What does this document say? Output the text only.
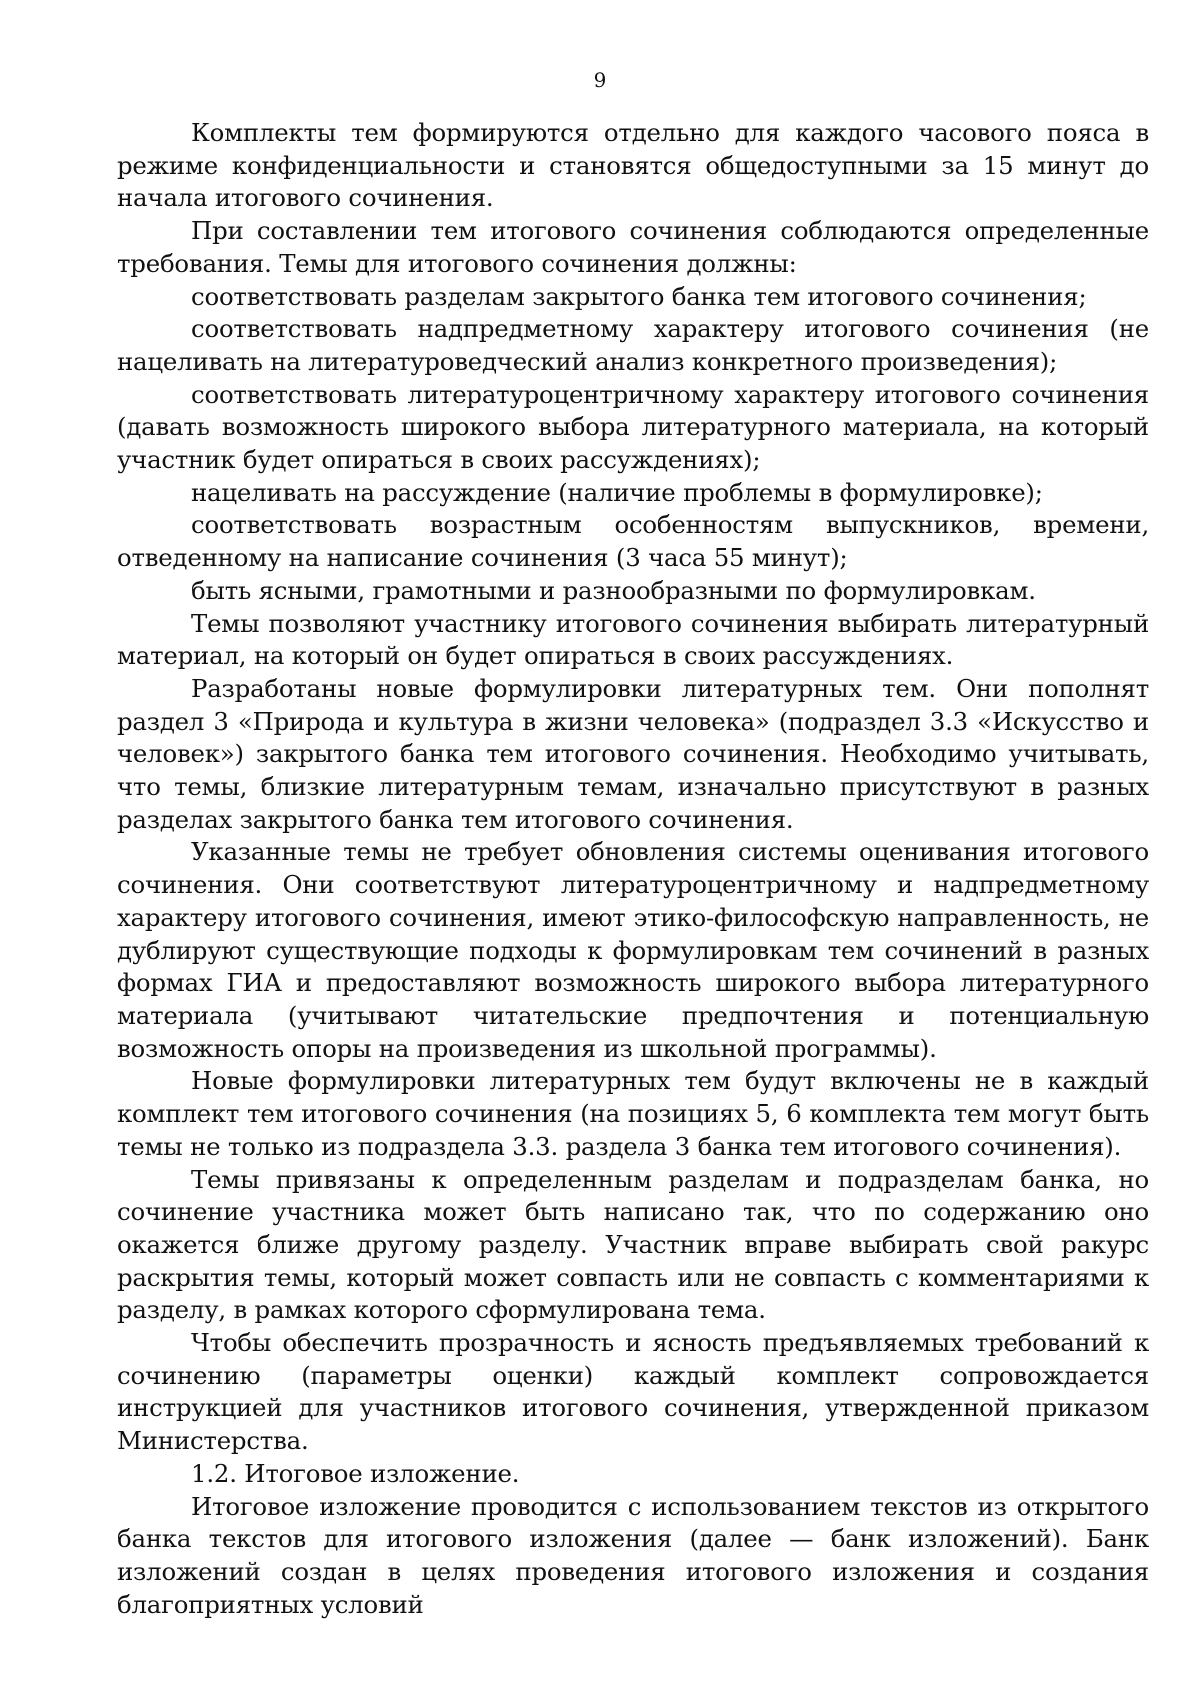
9

Комплекты тем формируются отдельно для каждого часового пояса в режиме конфиденциальности и становятся общедоступными за 15 минут до начала итогового сочинения.

При составлении тем итогового сочинения соблюдаются определенные требования. Темы для итогового сочинения должны:

соответствовать разделам закрытого банка тем итогового сочинения;

соответствовать надпредметному характеру итогового сочинения (не нацеливать на литературоведческий анализ конкретного произведения);

соответствовать литературоцентричному характеру итогового сочинения (давать возможность широкого выбора литературного материала, на который участник будет опираться в своих рассуждениях);

нацеливать на рассуждение (наличие проблемы в формулировке);

соответствовать возрастным особенностям выпускников, времени, отведенному на написание сочинения (3 часа 55 минут);

быть ясными, грамотными и разнообразными по формулировкам.

Темы позволяют участнику итогового сочинения выбирать литературный материал, на который он будет опираться в своих рассуждениях.

Разработаны новые формулировки литературных тем. Они пополнят раздел 3 «Природа и культура в жизни человека» (подраздел 3.3 «Искусство и человек») закрытого банка тем итогового сочинения. Необходимо учитывать, что темы, близкие литературным темам, изначально присутствуют в разных разделах закрытого банка тем итогового сочинения.

Указанные темы не требует обновления системы оценивания итогового сочинения. Они соответствуют литературоцентричному и надпредметному характеру итогового сочинения, имеют этико-философскую направленность, не дублируют существующие подходы к формулировкам тем сочинений в разных формах ГИА и предоставляют возможность широкого выбора литературного материала (учитывают читательские предпочтения и потенциальную возможность опоры на произведения из школьной программы).

Новые формулировки литературных тем будут включены не в каждый комплект тем итогового сочинения (на позициях 5, 6 комплекта тем могут быть темы не только из подраздела 3.3. раздела 3 банка тем итогового сочинения).

Темы привязаны к определенным разделам и подразделам банка, но сочинение участника может быть написано так, что по содержанию оно окажется ближе другому разделу. Участник вправе выбирать свой ракурс раскрытия темы, который может совпасть или не совпасть с комментариями к разделу, в рамках которого сформулирована тема.

Чтобы обеспечить прозрачность и ясность предъявляемых требований к сочинению (параметры оценки) каждый комплект сопровождается инструкцией для участников итогового сочинения, утвержденной приказом Министерства.

1.2. Итоговое изложение.

Итоговое изложение проводится с использованием текстов из открытого банка текстов для итогового изложения (далее — банк изложений). Банк изложений создан в целях проведения итогового изложения и создания благоприятных условий
